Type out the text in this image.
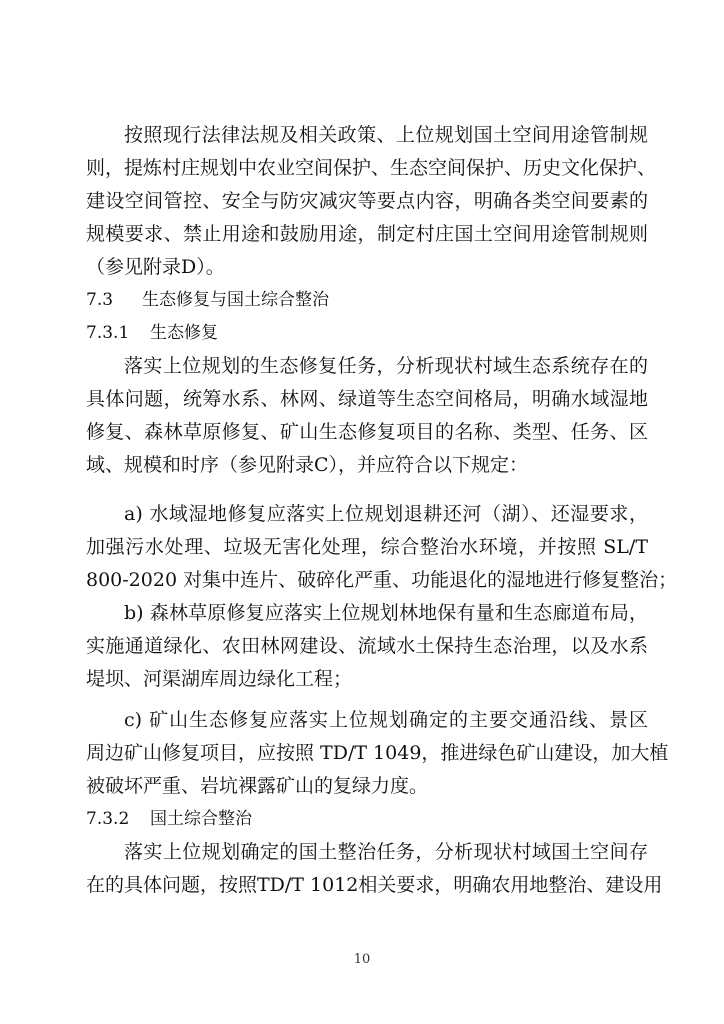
按照现行法律法规及相关政策、上位规划国土空间用途管制规
则，提炼村庄规划中农业空间保护、生态空间保护、历史文化保护、
建设空间管控、安全与防灾减灾等要点内容，明确各类空间要素的
规模要求、禁止用途和鼓励用途，制定村庄国土空间用途管制规则
（参见附录D）。
7.3 生态修复与国土综合整治
7.3.1 生态修复
落实上位规划的生态修复任务，分析现状村域生态系统存在的
具体问题，统筹水系、林网、绿道等生态空间格局，明确水域湿地
修复、森林草原修复、矿山生态修复项目的名称、类型、任务、区
域、规模和时序（参见附录C），并应符合以下规定：
a) 水域湿地修复应落实上位规划退耕还河（湖）、还湿要求，
加强污水处理、垃圾无害化处理，综合整治水环境，并按照 SL/T
800-2020 对集中连片、破碎化严重、功能退化的湿地进行修复整治；
b) 森林草原修复应落实上位规划林地保有量和生态廊道布局，
实施通道绿化、农田林网建设、流域水土保持生态治理，以及水系
堤坝、河渠湖库周边绿化工程；
c) 矿山生态修复应落实上位规划确定的主要交通沿线、景区
周边矿山修复项目，应按照 TD/T 1049，推进绿色矿山建设，加大植
被破坏严重、岩坑裸露矿山的复绿力度。
7.3.2 国土综合整治
落实上位规划确定的国土整治任务，分析现状村域国土空间存
在的具体问题，按照TD/T 1012相关要求，明确农用地整治、建设用
10
